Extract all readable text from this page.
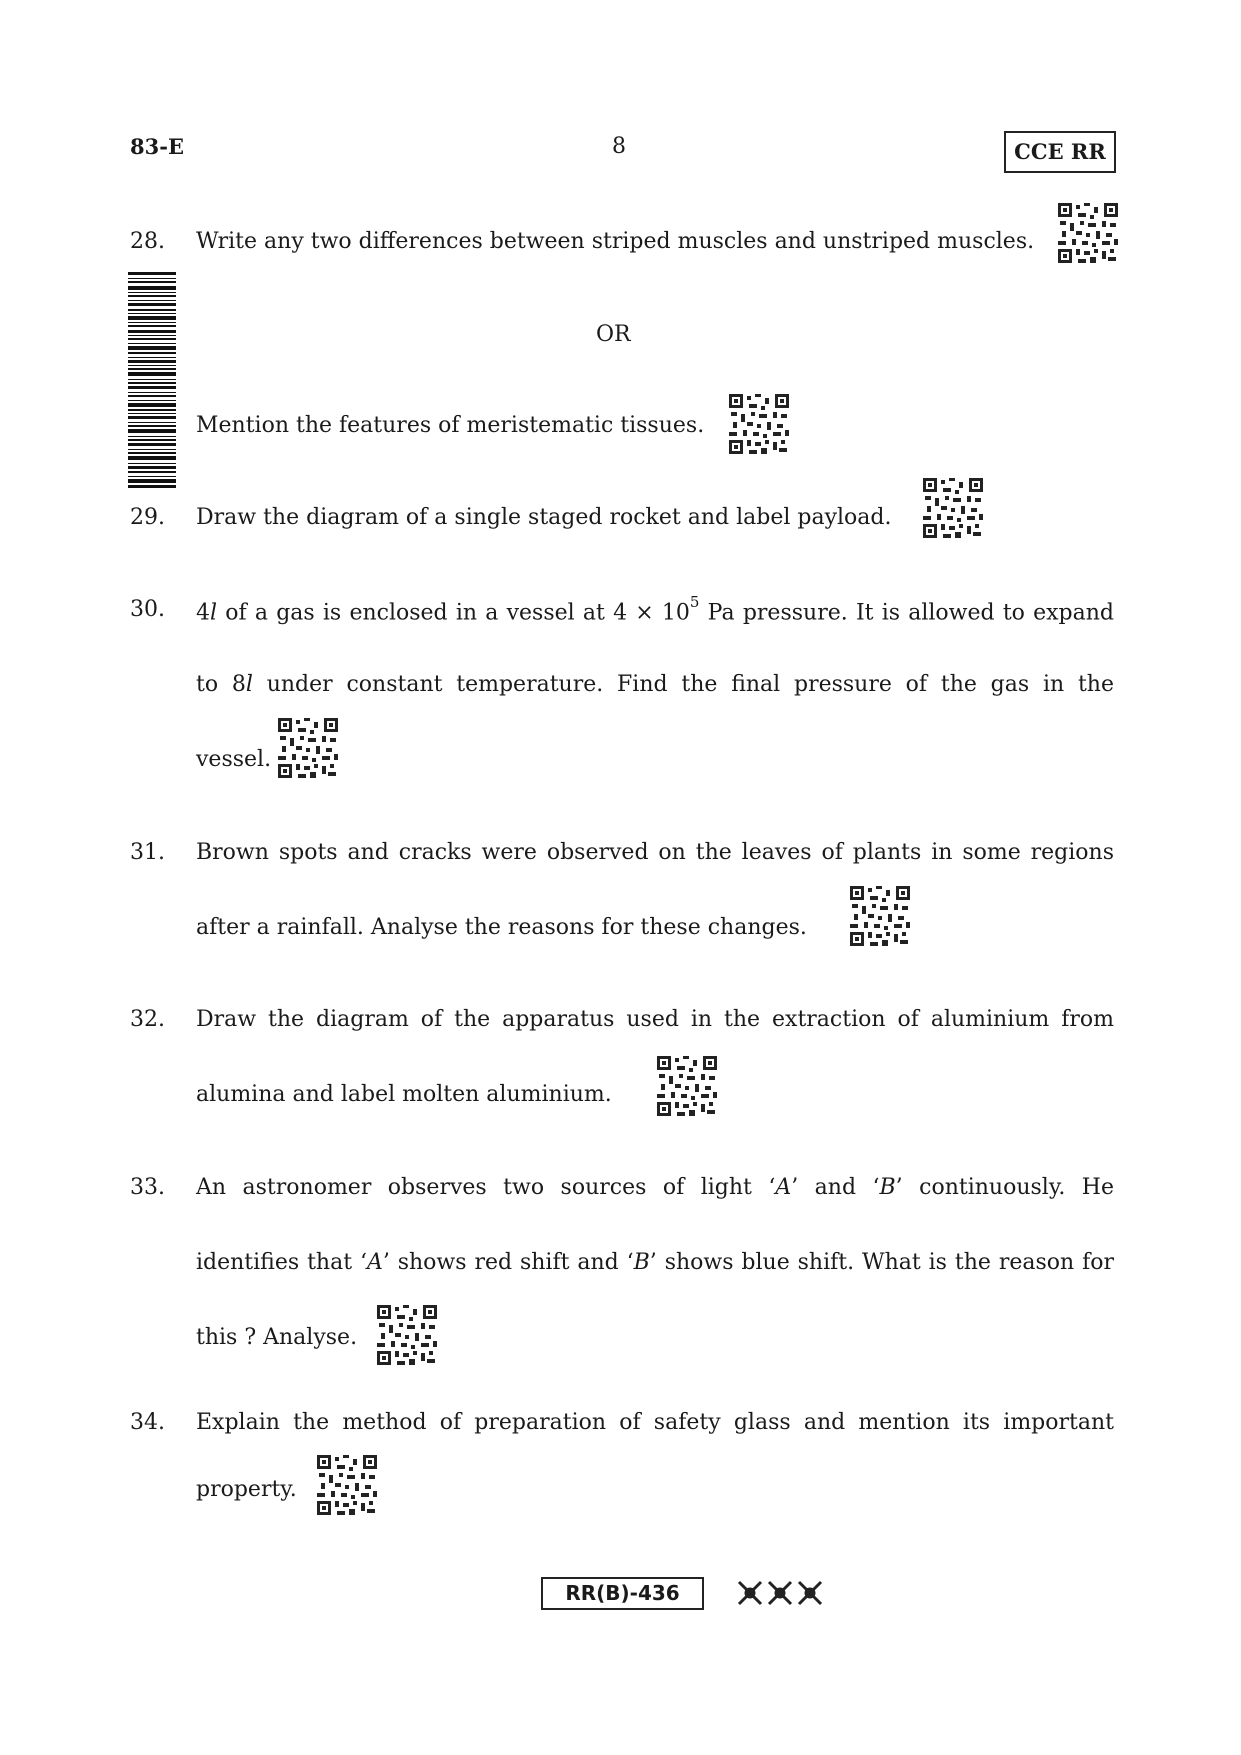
83-E	8	CCE RR
28. Write any two differences between striped muscles and unstriped muscles.
OR
Mention the features of meristematic tissues.
29. Draw the diagram of a single staged rocket and label payload.
30. 4l of a gas is enclosed in a vessel at $4 \times 10^5$ Pa pressure. It is allowed to expand
to 8l under constant temperature. Find the final pressure of the gas in the
vessel.
31. Brown spots and cracks were observed on the leaves of plants in some regions
after a rainfall. Analyse the reasons for these changes.
32. Draw the diagram of the apparatus used in the extraction of aluminium from
alumina and label molten aluminium.
33. An astronomer observes two sources of light ‘A’ and ‘B’ continuously. He
identifies that ‘A’ shows red shift and ‘B’ shows blue shift. What is the reason for
this ? Analyse.
34. Explain the method of preparation of safety glass and mention its important
property.
RR(B)-436
